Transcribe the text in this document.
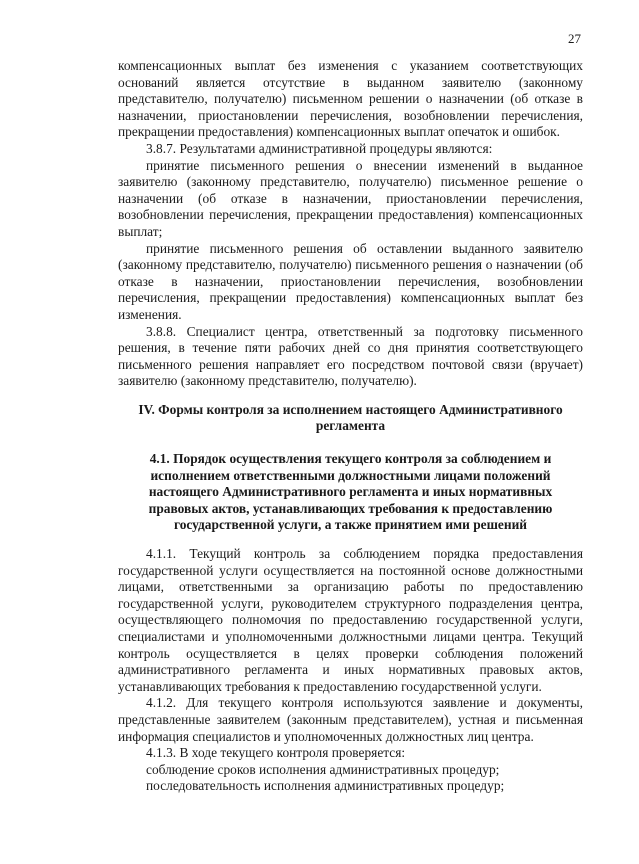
27

компенсационных выплат без изменения с указанием соответствующих оснований является отсутствие в выданном заявителю (законному представителю, получателю) письменном решении о назначении (об отказе в назначении, приостановлении перечисления, возобновлении перечисления, прекращении предоставления) компенсационных выплат опечаток и ошибок.

3.8.7. Результатами административной процедуры являются:

принятие письменного решения о внесении изменений в выданное заявителю (законному представителю, получателю) письменное решение о назначении (об отказе в назначении, приостановлении перечисления, возобновлении перечисления, прекращении предоставления) компенсационных выплат;

принятие письменного решения об оставлении выданного заявителю (законному представителю, получателю) письменного решения о назначении (об отказе в назначении, приостановлении перечисления, возобновлении перечисления, прекращении предоставления) компенсационных выплат без изменения.

3.8.8. Специалист центра, ответственный за подготовку письменного решения, в течение пяти рабочих дней со дня принятия соответствующего письменного решения направляет его посредством почтовой связи (вручает) заявителю (законному представителю, получателю).

IV. Формы контроля за исполнением настоящего Административного регламента

4.1. Порядок осуществления текущего контроля за соблюдением и исполнением ответственными должностными лицами положений настоящего Административного регламента и иных нормативных правовых актов, устанавливающих требования к предоставлению государственной услуги, а также принятием ими решений

4.1.1. Текущий контроль за соблюдением порядка предоставления государственной услуги осуществляется на постоянной основе должностными лицами, ответственными за организацию работы по предоставлению государственной услуги, руководителем структурного подразделения центра, осуществляющего полномочия по предоставлению государственной услуги, специалистами и уполномоченными должностными лицами центра. Текущий контроль осуществляется в целях проверки соблюдения положений административного регламента и иных нормативных правовых актов, устанавливающих требования к предоставлению государственной услуги.

4.1.2. Для текущего контроля используются заявление и документы, представленные заявителем (законным представителем), устная и письменная информация специалистов и уполномоченных должностных лиц центра.

4.1.3. В ходе текущего контроля проверяется:

соблюдение сроков исполнения административных процедур;

последовательность исполнения административных процедур;
